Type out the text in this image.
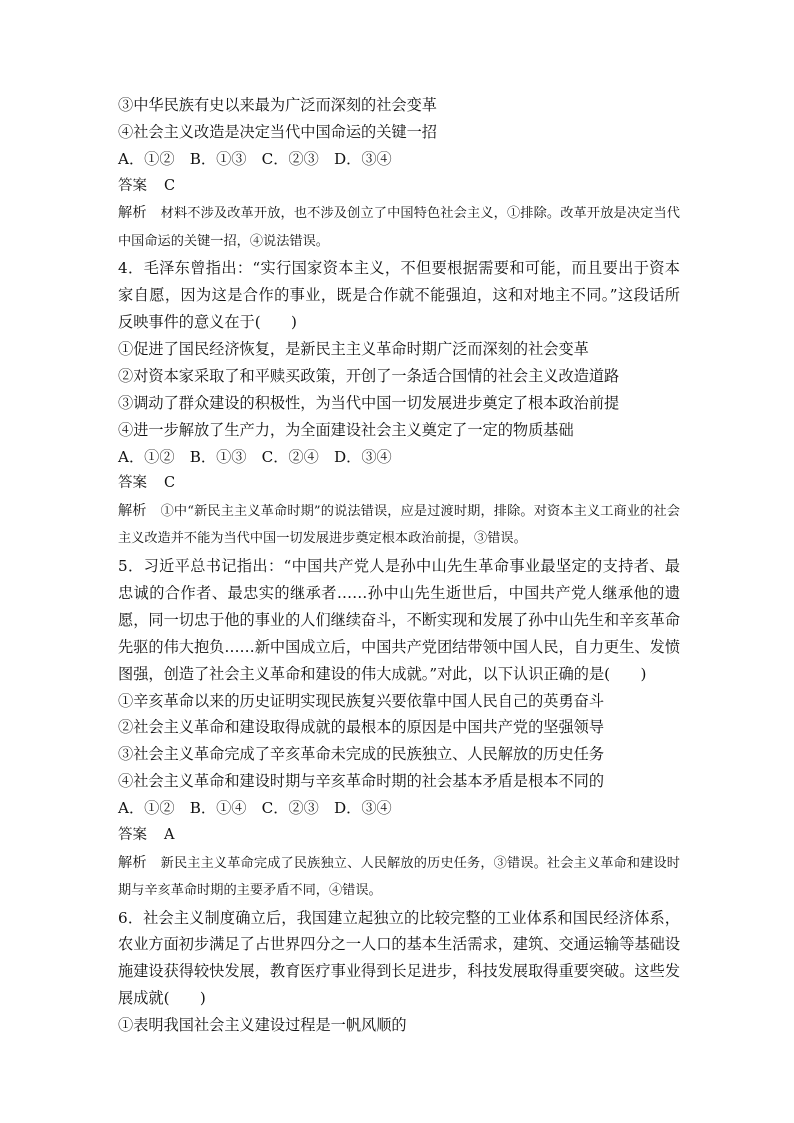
③中华民族有史以来最为广泛而深刻的社会变革
④社会主义改造是决定当代中国命运的关键一招
A．①②　B．①③　C．②③　D．③④
答案 C
解析 材料不涉及改革开放，也不涉及创立了中国特色社会主义，①排除。改革开放是决定当代中国命运的关键一招，④说法错误。
4．毛泽东曾指出：“实行国家资本主义，不但要根据需要和可能，而且要出于资本家自愿，因为这是合作的事业，既是合作就不能强迫，这和对地主不同。”这段话所反映事件的意义在于(　　)
①促进了国民经济恢复，是新民主主义革命时期广泛而深刻的社会变革
②对资本家采取了和平赎买政策，开创了一条适合国情的社会主义改造道路
③调动了群众建设的积极性，为当代中国一切发展进步奠定了根本政治前提
④进一步解放了生产力，为全面建设社会主义奠定了一定的物质基础
A．①②　B．①③　C．②④　D．③④
答案 C
解析 ①中“新民主主义革命时期”的说法错误，应是过渡时期，排除。对资本主义工商业的社会主义改造并不能为当代中国一切发展进步奠定根本政治前提，③错误。
5．习近平总书记指出：“中国共产党人是孙中山先生革命事业最坚定的支持者、最忠诚的合作者、最忠实的继承者……孙中山先生逝世后，中国共产党人继承他的遗愿，同一切忠于他的事业的人们继续奋斗，不断实现和发展了孙中山先生和辛亥革命先驱的伟大抱负……新中国成立后，中国共产党团结带领中国人民，自力更生、发愤图强，创造了社会主义革命和建设的伟大成就。”对此，以下认识正确的是(　　)
①辛亥革命以来的历史证明实现民族复兴要依靠中国人民自己的英勇奋斗
②社会主义革命和建设取得成就的最根本的原因是中国共产党的坚强领导
③社会主义革命完成了辛亥革命未完成的民族独立、人民解放的历史任务
④社会主义革命和建设时期与辛亥革命时期的社会基本矛盾是根本不同的
A．①②　B．①④　C．②③　D．③④
答案 A
解析 新民主主义革命完成了民族独立、人民解放的历史任务，③错误。社会主义革命和建设时期与辛亥革命时期的主要矛盾不同，④错误。
6．社会主义制度确立后，我国建立起独立的比较完整的工业体系和国民经济体系，农业方面初步满足了占世界四分之一人口的基本生活需求，建筑、交通运输等基础设施建设获得较快发展，教育医疗事业得到长足进步，科技发展取得重要突破。这些发展成就(　　)
①表明我国社会主义建设过程是一帆风顺的
